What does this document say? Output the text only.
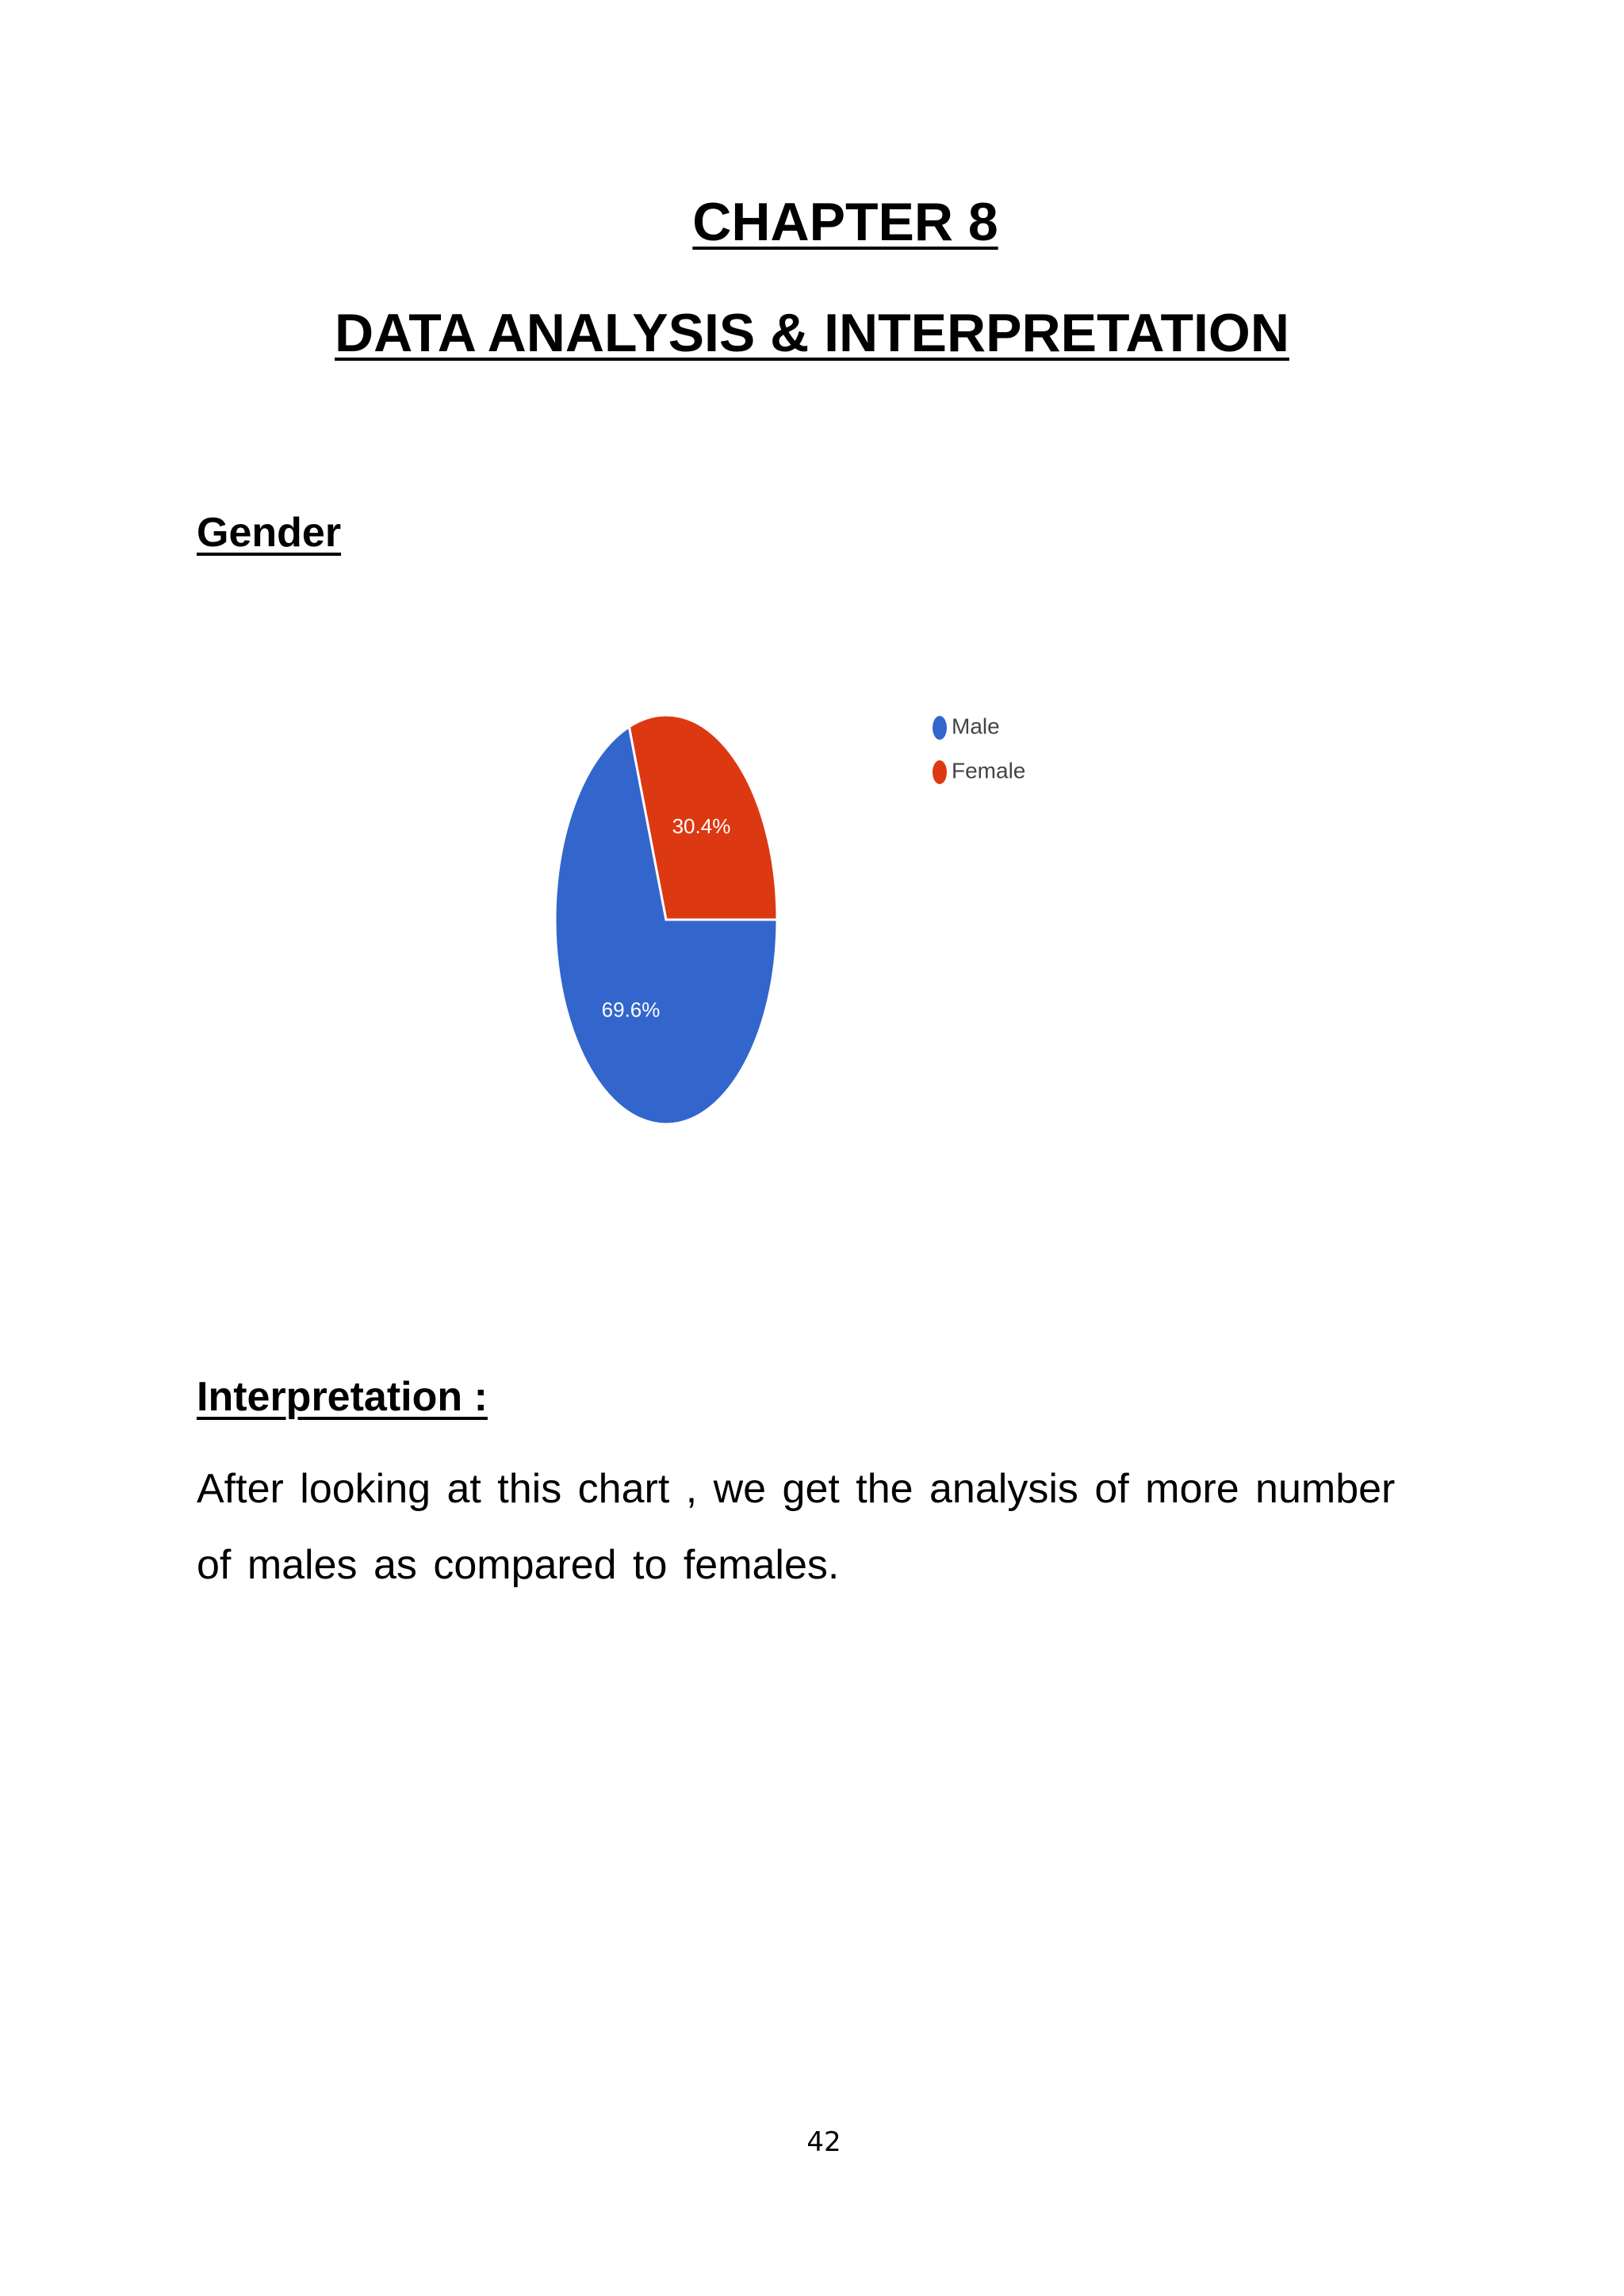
CHAPTER 8
DATA ANALYSIS & INTERPRETATION
Gender
69.6%
30.4%
Male
Female
Interpretation :
After looking at this chart , we get the analysis of more number of males as compared to females.
42
